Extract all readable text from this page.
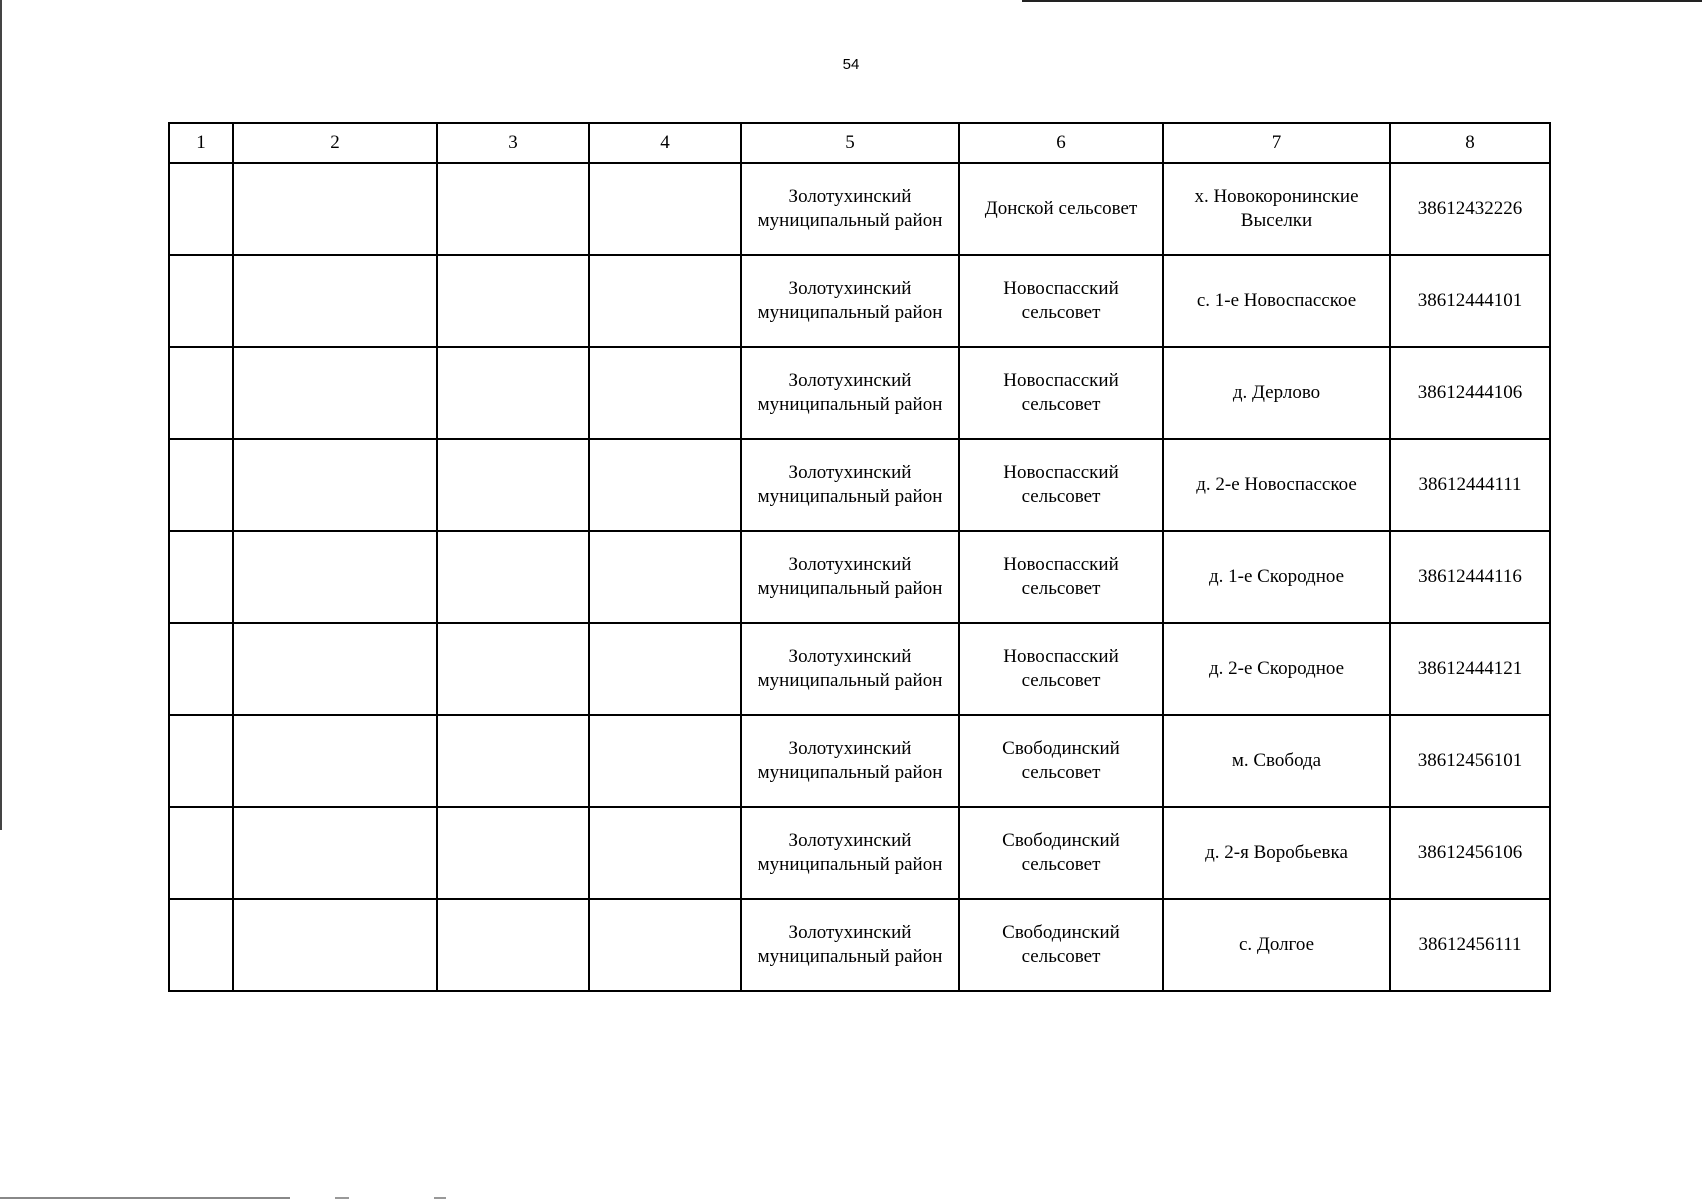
54
1	2	3	4	5	6	7	8
				Золотухинский
муниципальный район	Донской сельсовет	х. Новокоронинские
Выселки	38612432226
				Золотухинский
муниципальный район	Новоспасский
сельсовет	с. 1-е Новоспасское	38612444101
				Золотухинский
муниципальный район	Новоспасский
сельсовет	д. Дерлово	38612444106
				Золотухинский
муниципальный район	Новоспасский
сельсовет	д. 2-е Новоспасское	38612444111
				Золотухинский
муниципальный район	Новоспасский
сельсовет	д. 1-е Скородное	38612444116
				Золотухинский
муниципальный район	Новоспасский
сельсовет	д. 2-е Скородное	38612444121
				Золотухинский
муниципальный район	Свободинский
сельсовет	м. Свобода	38612456101
				Золотухинский
муниципальный район	Свободинский
сельсовет	д. 2-я Воробьевка	38612456106
				Золотухинский
муниципальный район	Свободинский
сельсовет	с. Долгое	38612456111
